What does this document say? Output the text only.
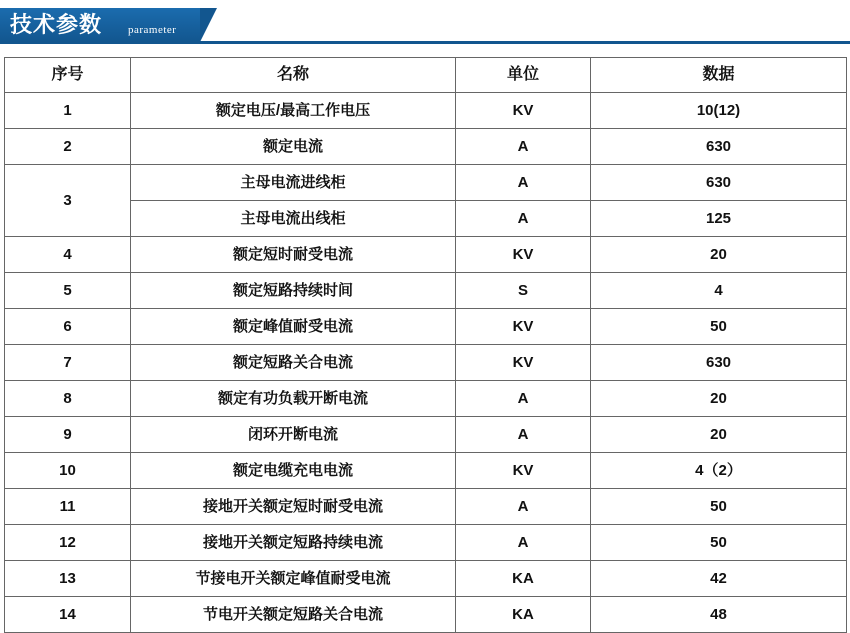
技术参数 parameter
序号	名称	单位	数据
1	额定电压/最高工作电压	KV	10(12)
2	额定电流	A	630
3	主母电流进线柜	A	630
	主母电流出线柜	A	125
4	额定短时耐受电流	KV	20
5	额定短路持续时间	S	4
6	额定峰值耐受电流	KV	50
7	额定短路关合电流	KV	630
8	额定有功负载开断电流	A	20
9	闭环开断电流	A	20
10	额定电缆充电电流	KV	4（2）
11	接地开关额定短时耐受电流	A	50
12	接地开关额定短路持续电流	A	50
13	节接电开关额定峰值耐受电流	KA	42
14	节电开关额定短路关合电流	KA	48
